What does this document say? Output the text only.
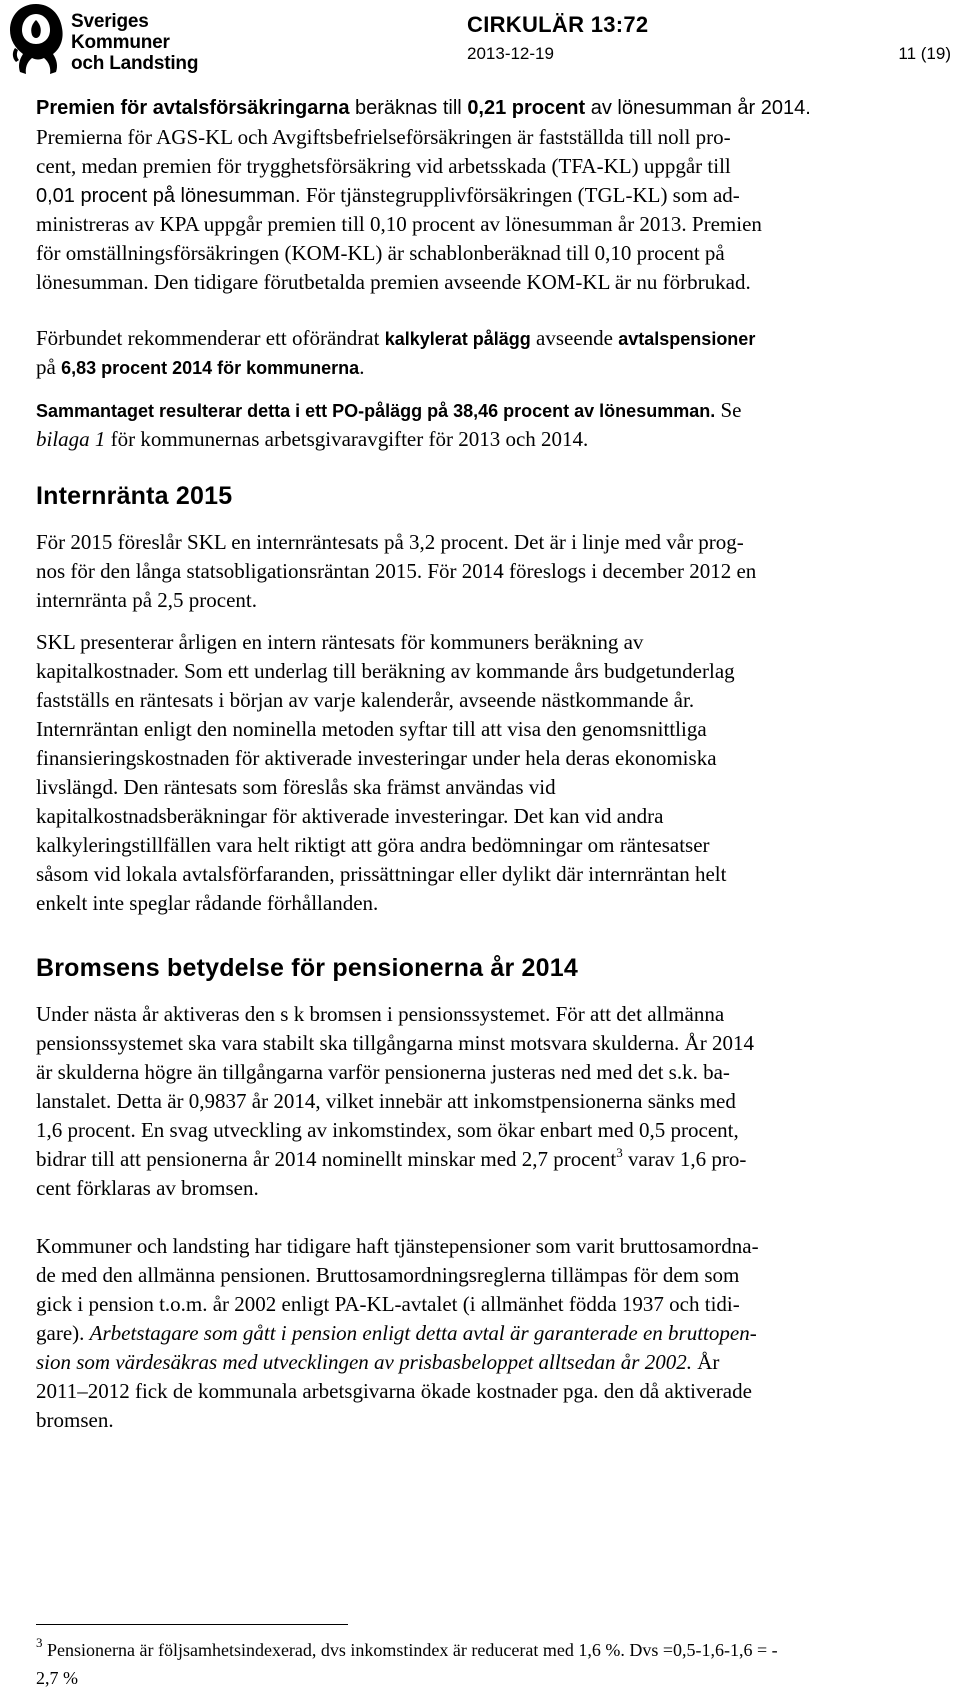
Sveriges
Kommuner
och Landsting
CIRKULÄR 13:72
2013-12-19	11 (19)
Premien för avtalsförsäkringarna beräknas till 0,21 procent av lönesumman år 2014.
Premierna för AGS-KL och Avgiftsbefrielseförsäkringen är fastställda till noll pro-
cent, medan premien för trygghetsförsäkring vid arbetsskada (TFA-KL) uppgår till
0,01 procent på lönesumman. För tjänstegrupplivförsäkringen (TGL-KL) som ad-
ministreras av KPA uppgår premien till 0,10 procent av lönesumman år 2013. Premien
för omställningsförsäkringen (KOM-KL) är schablonberäknad till 0,10 procent på
lönesumman. Den tidigare förutbetalda premien avseende KOM-KL är nu förbrukad.
Förbundet rekommenderar ett oförändrat kalkylerat pålägg avseende avtalspensioner
på 6,83 procent 2014 för kommunerna.
Sammantaget resulterar detta i ett PO-pålägg på 38,46 procent av lönesumman. Se
bilaga 1 för kommunernas arbetsgivaravgifter för 2013 och 2014.
Internränta 2015
För 2015 föreslår SKL en internräntesats på 3,2 procent. Det är i linje med vår prog-
nos för den långa statsobligationsräntan 2015. För 2014 föreslogs i december 2012 en
internränta på 2,5 procent.
SKL presenterar årligen en intern räntesats för kommuners beräkning av
kapitalkostnader. Som ett underlag till beräkning av kommande års budgetunderlag
fastställs en räntesats i början av varje kalenderår, avseende nästkommande år.
Internräntan enligt den nominella metoden syftar till att visa den genomsnittliga
finansieringskostnaden för aktiverade investeringar under hela deras ekonomiska
livslängd. Den räntesats som föreslås ska främst användas vid
kapitalkostnadsberäkningar för aktiverade investeringar. Det kan vid andra
kalkyleringstillfällen vara helt riktigt att göra andra bedömningar om räntesatser
såsom vid lokala avtalsförfaranden, prissättningar eller dylikt där internräntan helt
enkelt inte speglar rådande förhållanden.
Bromsens betydelse för pensionerna år 2014
Under nästa år aktiveras den s k bromsen i pensionssystemet. För att det allmänna
pensionssystemet ska vara stabilt ska tillgångarna minst motsvara skulderna. År 2014
är skulderna högre än tillgångarna varför pensionerna justeras ned med det s.k. ba-
lanstalet. Detta är 0,9837 år 2014, vilket innebär att inkomstpensionerna sänks med
1,6 procent. En svag utveckling av inkomstindex, som ökar enbart med 0,5 procent,
bidrar till att pensionerna år 2014 nominellt minskar med 2,7 procent$^3$ varav 1,6 pro-
cent förklaras av bromsen.
Kommuner och landsting har tidigare haft tjänstepensioner som varit bruttosamordna-
de med den allmänna pensionen. Bruttosamordningsreglerna tillämpas för dem som
gick i pension t.o.m. år 2002 enligt PA-KL-avtalet (i allmänhet födda 1937 och tidi-
gare). Arbetstagare som gått i pension enligt detta avtal är garanterade en bruttopen-
sion som värdesäkras med utvecklingen av prisbasbeloppet alltsedan år 2002. År
2011–2012 fick de kommunala arbetsgivarna ökade kostnader pga. den då aktiverade
bromsen.
$^3$ Pensionerna är följsamhetsindexerad, dvs inkomstindex är reducerat med 1,6 %. Dvs =0,5-1,6-1,6 = -
2,7 %
